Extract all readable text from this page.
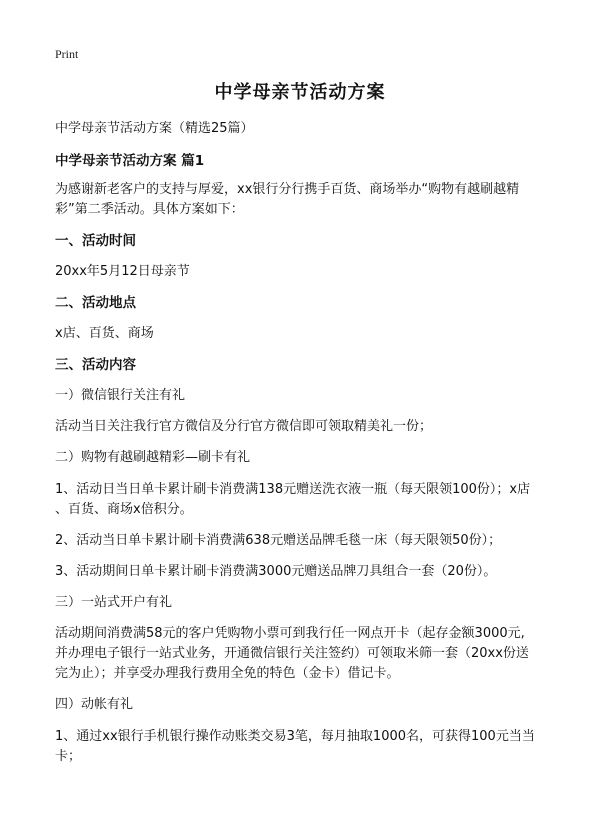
Print
中学母亲节活动方案
中学母亲节活动方案（精选25篇）
中学母亲节活动方案 篇1
为感谢新老客户的支持与厚爱，xx银行分行携手百货、商场举办“购物有越刷越精
彩”第二季活动。具体方案如下：
一、活动时间
20xx年5月12日母亲节
二、活动地点
x店、百货、商场
三、活动内容
一）微信银行关注有礼
活动当日关注我行官方微信及分行官方微信即可领取精美礼一份；
二）购物有越刷越精彩—刷卡有礼
1、活动日当日单卡累计刷卡消费满138元赠送洗衣液一瓶（每天限领100份）；x店
、百货、商场x倍积分。
2、活动当日单卡累计刷卡消费满638元赠送品牌毛毯一床（每天限领50份）；
3、活动期间日单卡累计刷卡消费满3000元赠送品牌刀具组合一套（20份）。
三）一站式开户有礼
活动期间消费满58元的客户凭购物小票可到我行任一网点开卡（起存金额3000元,
并办理电子银行一站式业务，开通微信银行关注签约）可领取米筛一套（20xx份送
完为止）；并享受办理我行费用全免的特色（金卡）借记卡。
四）动帐有礼
1、通过xx银行手机银行操作动账类交易3笔，每月抽取1000名，可获得100元当当
卡；
